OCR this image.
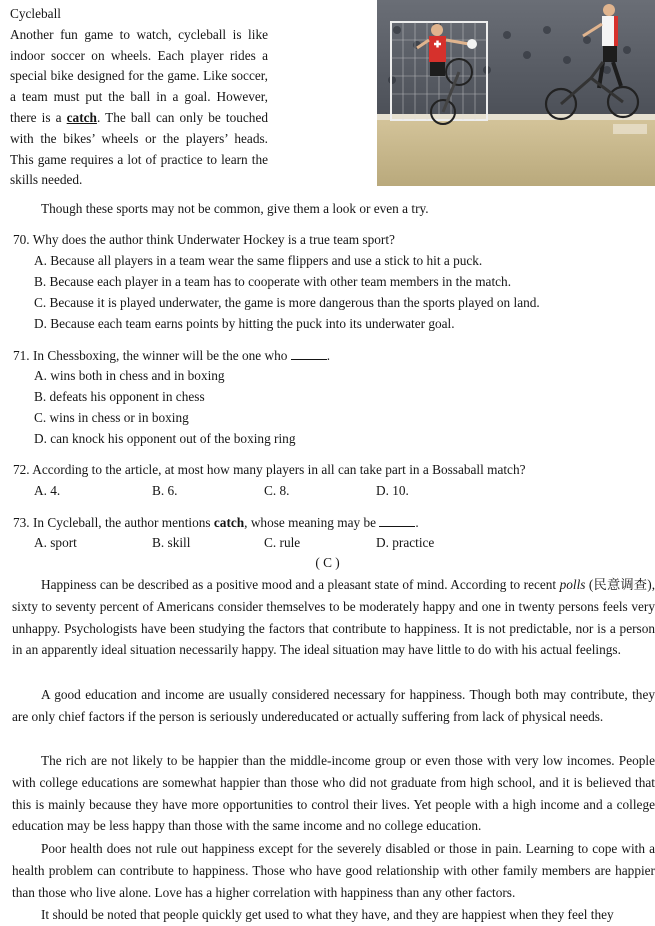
Cycleball
Another fun game to watch, cycleball is like indoor soccer on wheels. Each player rides a special bike designed for the game. Like soccer, a team must put the ball in a goal. However, there is a catch. The ball can only be touched with the bikes’ wheels or the players’ heads. This game requires a lot of practice to learn the skills needed.

Though these sports may not be common, give them a look or even a try.
70. Why does the author think Underwater Hockey is a true team sport?
A. Because all players in a team wear the same flippers and use a stick to hit a puck.
B. Because each player in a team has to cooperate with other team members in the match.
C. Because it is played underwater, the game is more dangerous than the sports played on land.
D. Because each team earns points by hitting the puck into its underwater goal.
71. In Chessboxing, the winner will be the one who	.
A. wins both in chess and in boxing
B. defeats his opponent in chess
C. wins in chess or in boxing
D. can knock his opponent out of the boxing ring
72. According to the article, at most how many players in all can take part in a Bossaball match?
A. 4.	B. 6.	C. 8.	D. 10.
73. In Cycleball, the author mentions catch, whose meaning may be	.
A. sport	B. skill	C. rule	D. practice
( C )

Happiness can be described as a positive mood and a pleasant state of mind. According to recent polls (民意调查), sixty to seventy percent of Americans consider themselves to be moderately happy and one in twenty persons feels very unhappy. Psychologists have been studying the factors that contribute to happiness. It is not predictable, nor is a person in an apparently ideal situation necessarily happy. The ideal situation may have little to do with his actual feelings.

A good education and income are usually considered necessary for happiness. Though both may contribute, they are only chief factors if the person is seriously undereducated or actually suffering from lack of physical needs.

The rich are not likely to be happier than the middle-income group or even those with very low incomes. People with college educations are somewhat happier than those who did not graduate from high school, and it is believed that this is mainly because they have more opportunities to control their lives. Yet people with a high income and a college education may be less happy than those with the same income and no college education.

Poor health does not rule out happiness except for the severely disabled or those in pain. Learning to cope with a health problem can contribute to happiness. Those who have good relationship with other family members are happier than those who live alone. Love has a higher correlation with happiness than any other factors.

It should be noted that people quickly get used to what they have, and they are happiest when they feel they
